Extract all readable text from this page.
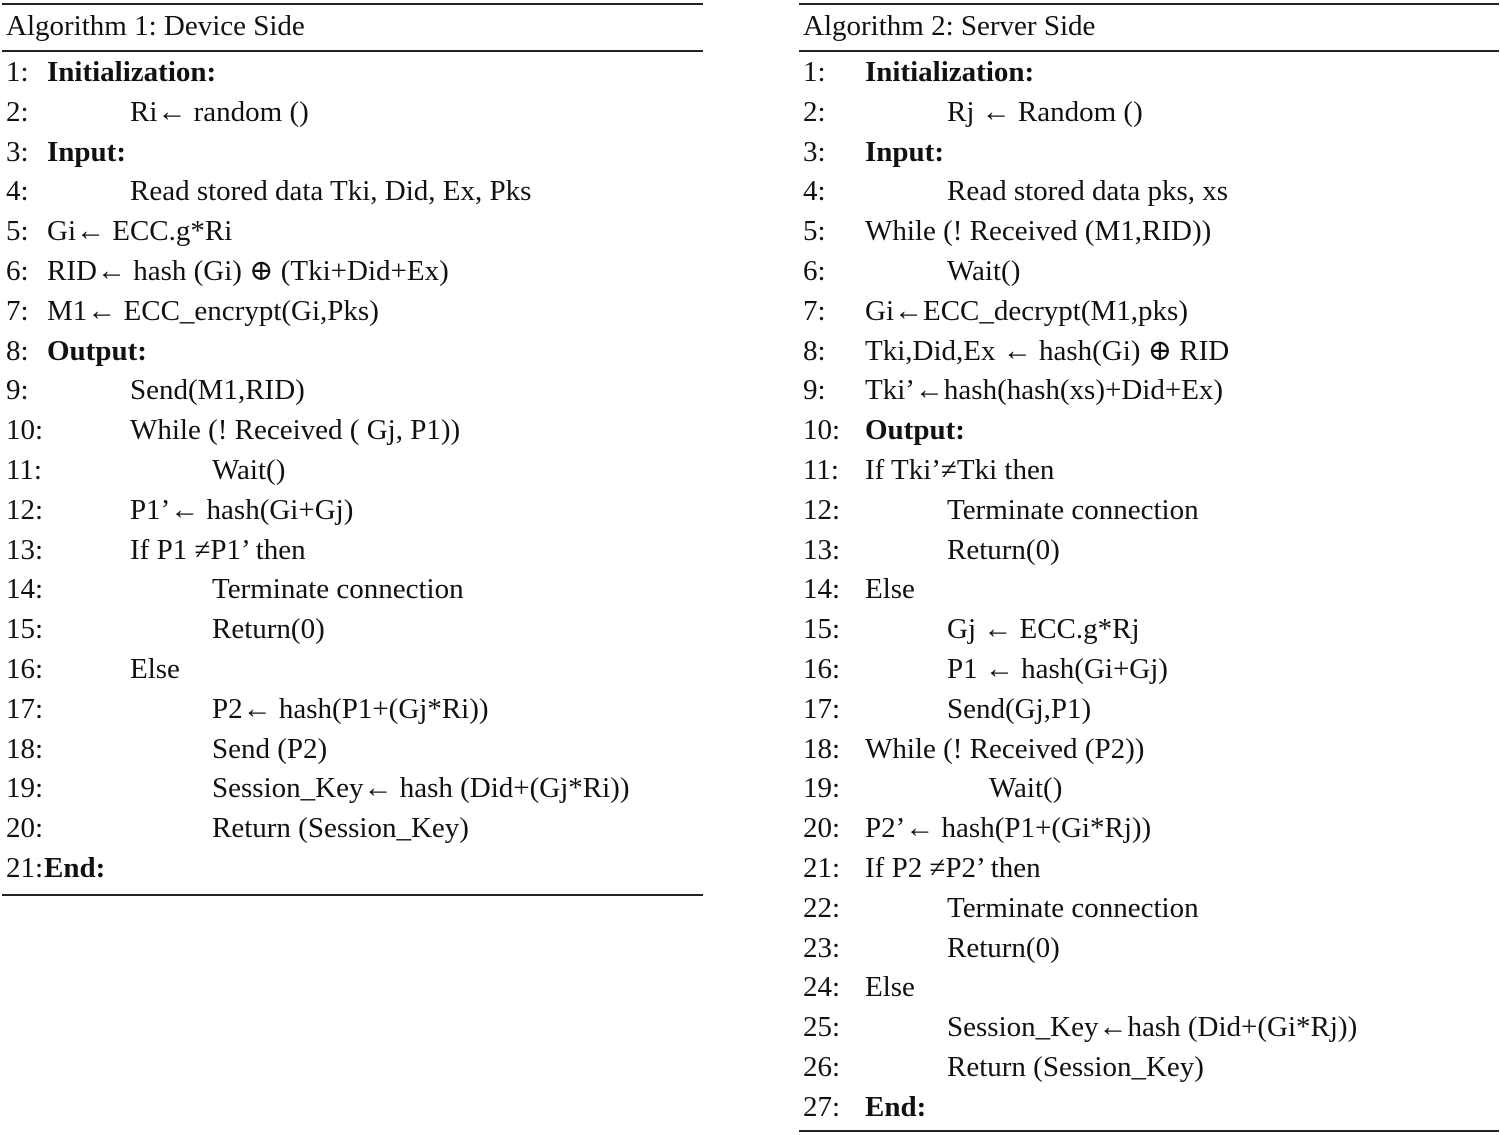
Algorithm 1: Device Side
1: Initialization:
2:	Ri← random ()
3: Input:
4:	Read stored data Tki, Did, Ex, Pks
5: Gi← ECC.g*Ri
6: RID← hash (Gi) ⊕ (Tki+Did+Ex)
7: M1← ECC_encrypt(Gi,Pks)
8: Output:
9:	Send(M1,RID)
10:	While (! Received ( Gj, P1))
11:	Wait()
12:	P1’← hash(Gi+Gj)
13:	If P1 ≠P1’ then
14:	Terminate connection
15:	Return(0)
16:	Else
17:	P2← hash(P1+(Gj*Ri))
18:	Send (P2)
19:	Session_Key← hash (Did+(Gj*Ri))
20:	Return (Session_Key)
21: End:
Algorithm 2: Server Side
1: Initialization:
2:	Rj ← Random ()
3: Input:
4:	Read stored data pks, xs
5: While (! Received (M1,RID))
6:	Wait()
7: Gi←ECC_decrypt(M1,pks)
8: Tki,Did,Ex ← hash(Gi) ⊕ RID
9: Tki’←hash(hash(xs)+Did+Ex)
10: Output:
11: If Tki’≠Tki then
12:	Terminate connection
13:	Return(0)
14: Else
15:	Gj ← ECC.g*Rj
16:	P1 ← hash(Gi+Gj)
17:	Send(Gj,P1)
18: While (! Received (P2))
19:	Wait()
20: P2’← hash(P1+(Gi*Rj))
21: If P2 ≠P2’ then
22:	Terminate connection
23:	Return(0)
24: Else
25:	Session_Key←hash (Did+(Gi*Rj))
26:	Return (Session_Key)
27: End:
